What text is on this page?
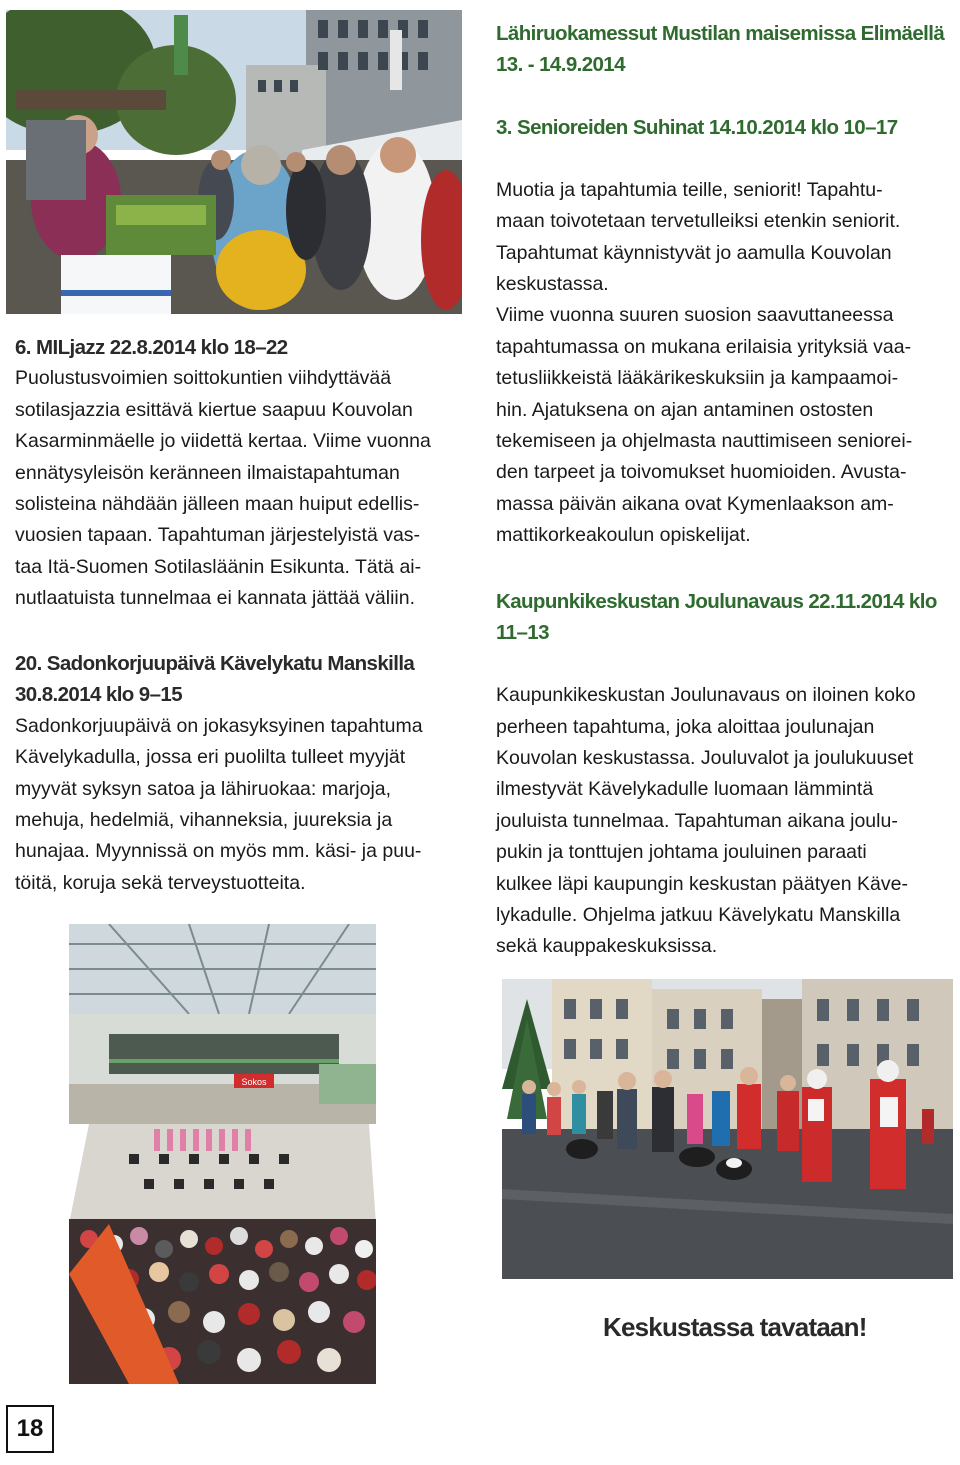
6. MILjazz 22.8.2014 klo 18–22

Puolustusvoimien soittokuntien viihdyttävää

sotilasjazzia esittävä kiertue saapuu Kouvolan

Kasarminmäelle jo viidettä kertaa. Viime vuonna

ennätysyleisön keränneen ilmaistapahtuman

solisteina nähdään jälleen maan huiput edellis-

vuosien tapaan. Tapahtuman järjestelyistä vas-

taa Itä-Suomen Sotilasläänin Esikunta. Tätä ai-

nutlaatuista tunnelmaa ei kannata jättää väliin.

20. Sadonkorjuupäivä Kävelykatu Manskilla

30.8.2014 klo 9–15

Sadonkorjuupäivä on jokasyksyinen tapahtuma

Kävelykadulla, jossa eri puolilta tulleet myyjät

myyvät syksyn satoa ja lähiruokaa: marjoja,

mehuja, hedelmiä, vihanneksia, juureksia ja

hunajaa. Myynnissä on myös mm. käsi- ja puu-

töitä, koruja sekä terveystuotteita.

Sokos

Lähiruokamessut Mustilan maisemissa Elimäellä

13. - 14.9.2014

3. Senioreiden Suhinat 14.10.2014 klo 10–17

Muotia ja tapahtumia teille, seniorit! Tapahtu-

maan toivotetaan tervetulleiksi etenkin seniorit.

Tapahtumat käynnistyvät jo aamulla Kouvolan

keskustassa.

Viime vuonna suuren suosion saavuttaneessa

tapahtumassa on mukana erilaisia yrityksiä vaa-

tetusliikkeistä lääkärikeskuksiin ja kampaamoi-

hin. Ajatuksena on ajan antaminen ostosten

tekemiseen ja ohjelmasta nauttimiseen seniorei-

den tarpeet ja toivomukset huomioiden. Avusta-

massa päivän aikana ovat Kymenlaakson am-

mattikorkeakoulun opiskelijat.

Kaupunkikeskustan Joulunavaus 22.11.2014 klo

11–13

Kaupunkikeskustan Joulunavaus on iloinen koko

perheen tapahtuma, joka aloittaa joulunajan

Kouvolan keskustassa. Jouluvalot ja joulukuuset

ilmestyvät Kävelykadulle luomaan lämmintä

jouluista tunnelmaa. Tapahtuman aikana joulu-

pukin ja tonttujen johtama jouluinen paraati

kulkee läpi kaupungin keskustan päätyen Käve-

lykadulle. Ohjelma jatkuu Kävelykatu Manskilla

sekä kauppakeskuksissa.

Keskustassa tavataan!
18
